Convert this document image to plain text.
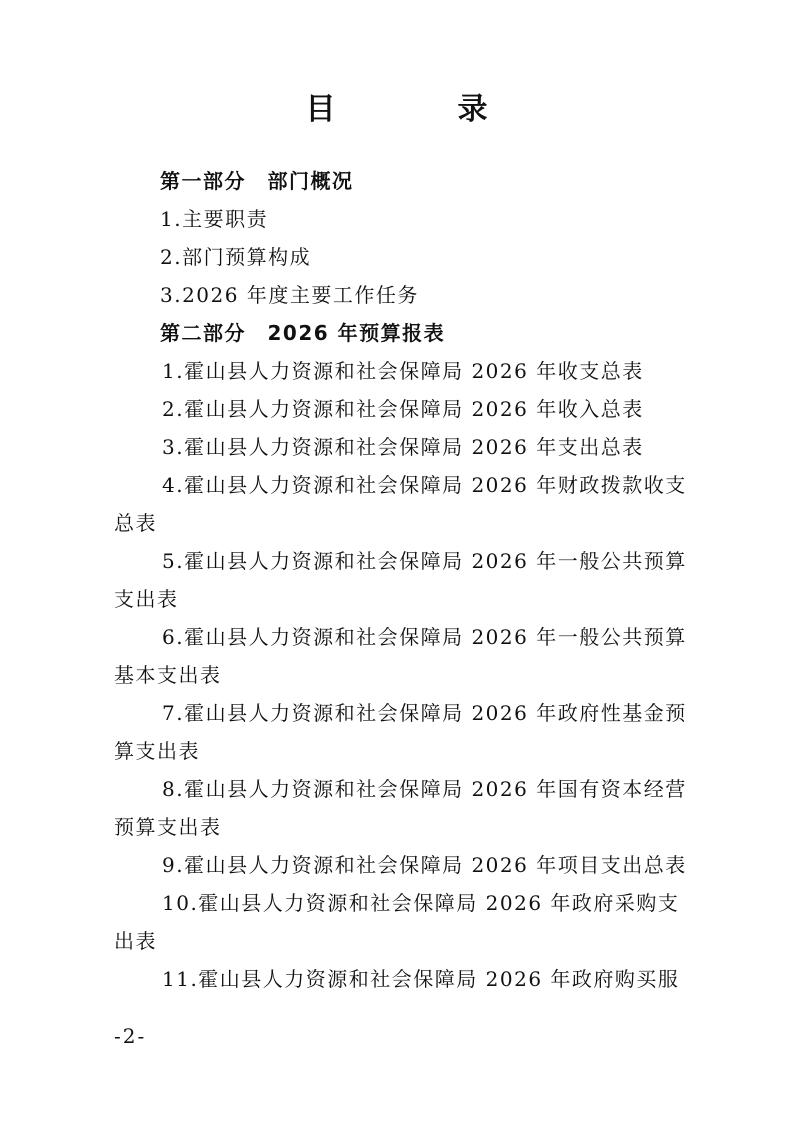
目　录
第一部分　部门概况
1.主要职责
2.部门预算构成
3.2026 年度主要工作任务
第二部分　2026 年预算报表
1.霍山县人力资源和社会保障局 2026 年收支总表
2.霍山县人力资源和社会保障局 2026 年收入总表
3.霍山县人力资源和社会保障局 2026 年支出总表
4.霍山县人力资源和社会保障局 2026 年财政拨款收支
总表
5.霍山县人力资源和社会保障局 2026 年一般公共预算
支出表
6.霍山县人力资源和社会保障局 2026 年一般公共预算
基本支出表
7.霍山县人力资源和社会保障局 2026 年政府性基金预
算支出表
8.霍山县人力资源和社会保障局 2026 年国有资本经营
预算支出表
9.霍山县人力资源和社会保障局 2026 年项目支出总表
10.霍山县人力资源和社会保障局 2026 年政府采购支
出表
11.霍山县人力资源和社会保障局 2026 年政府购买服
-2-
